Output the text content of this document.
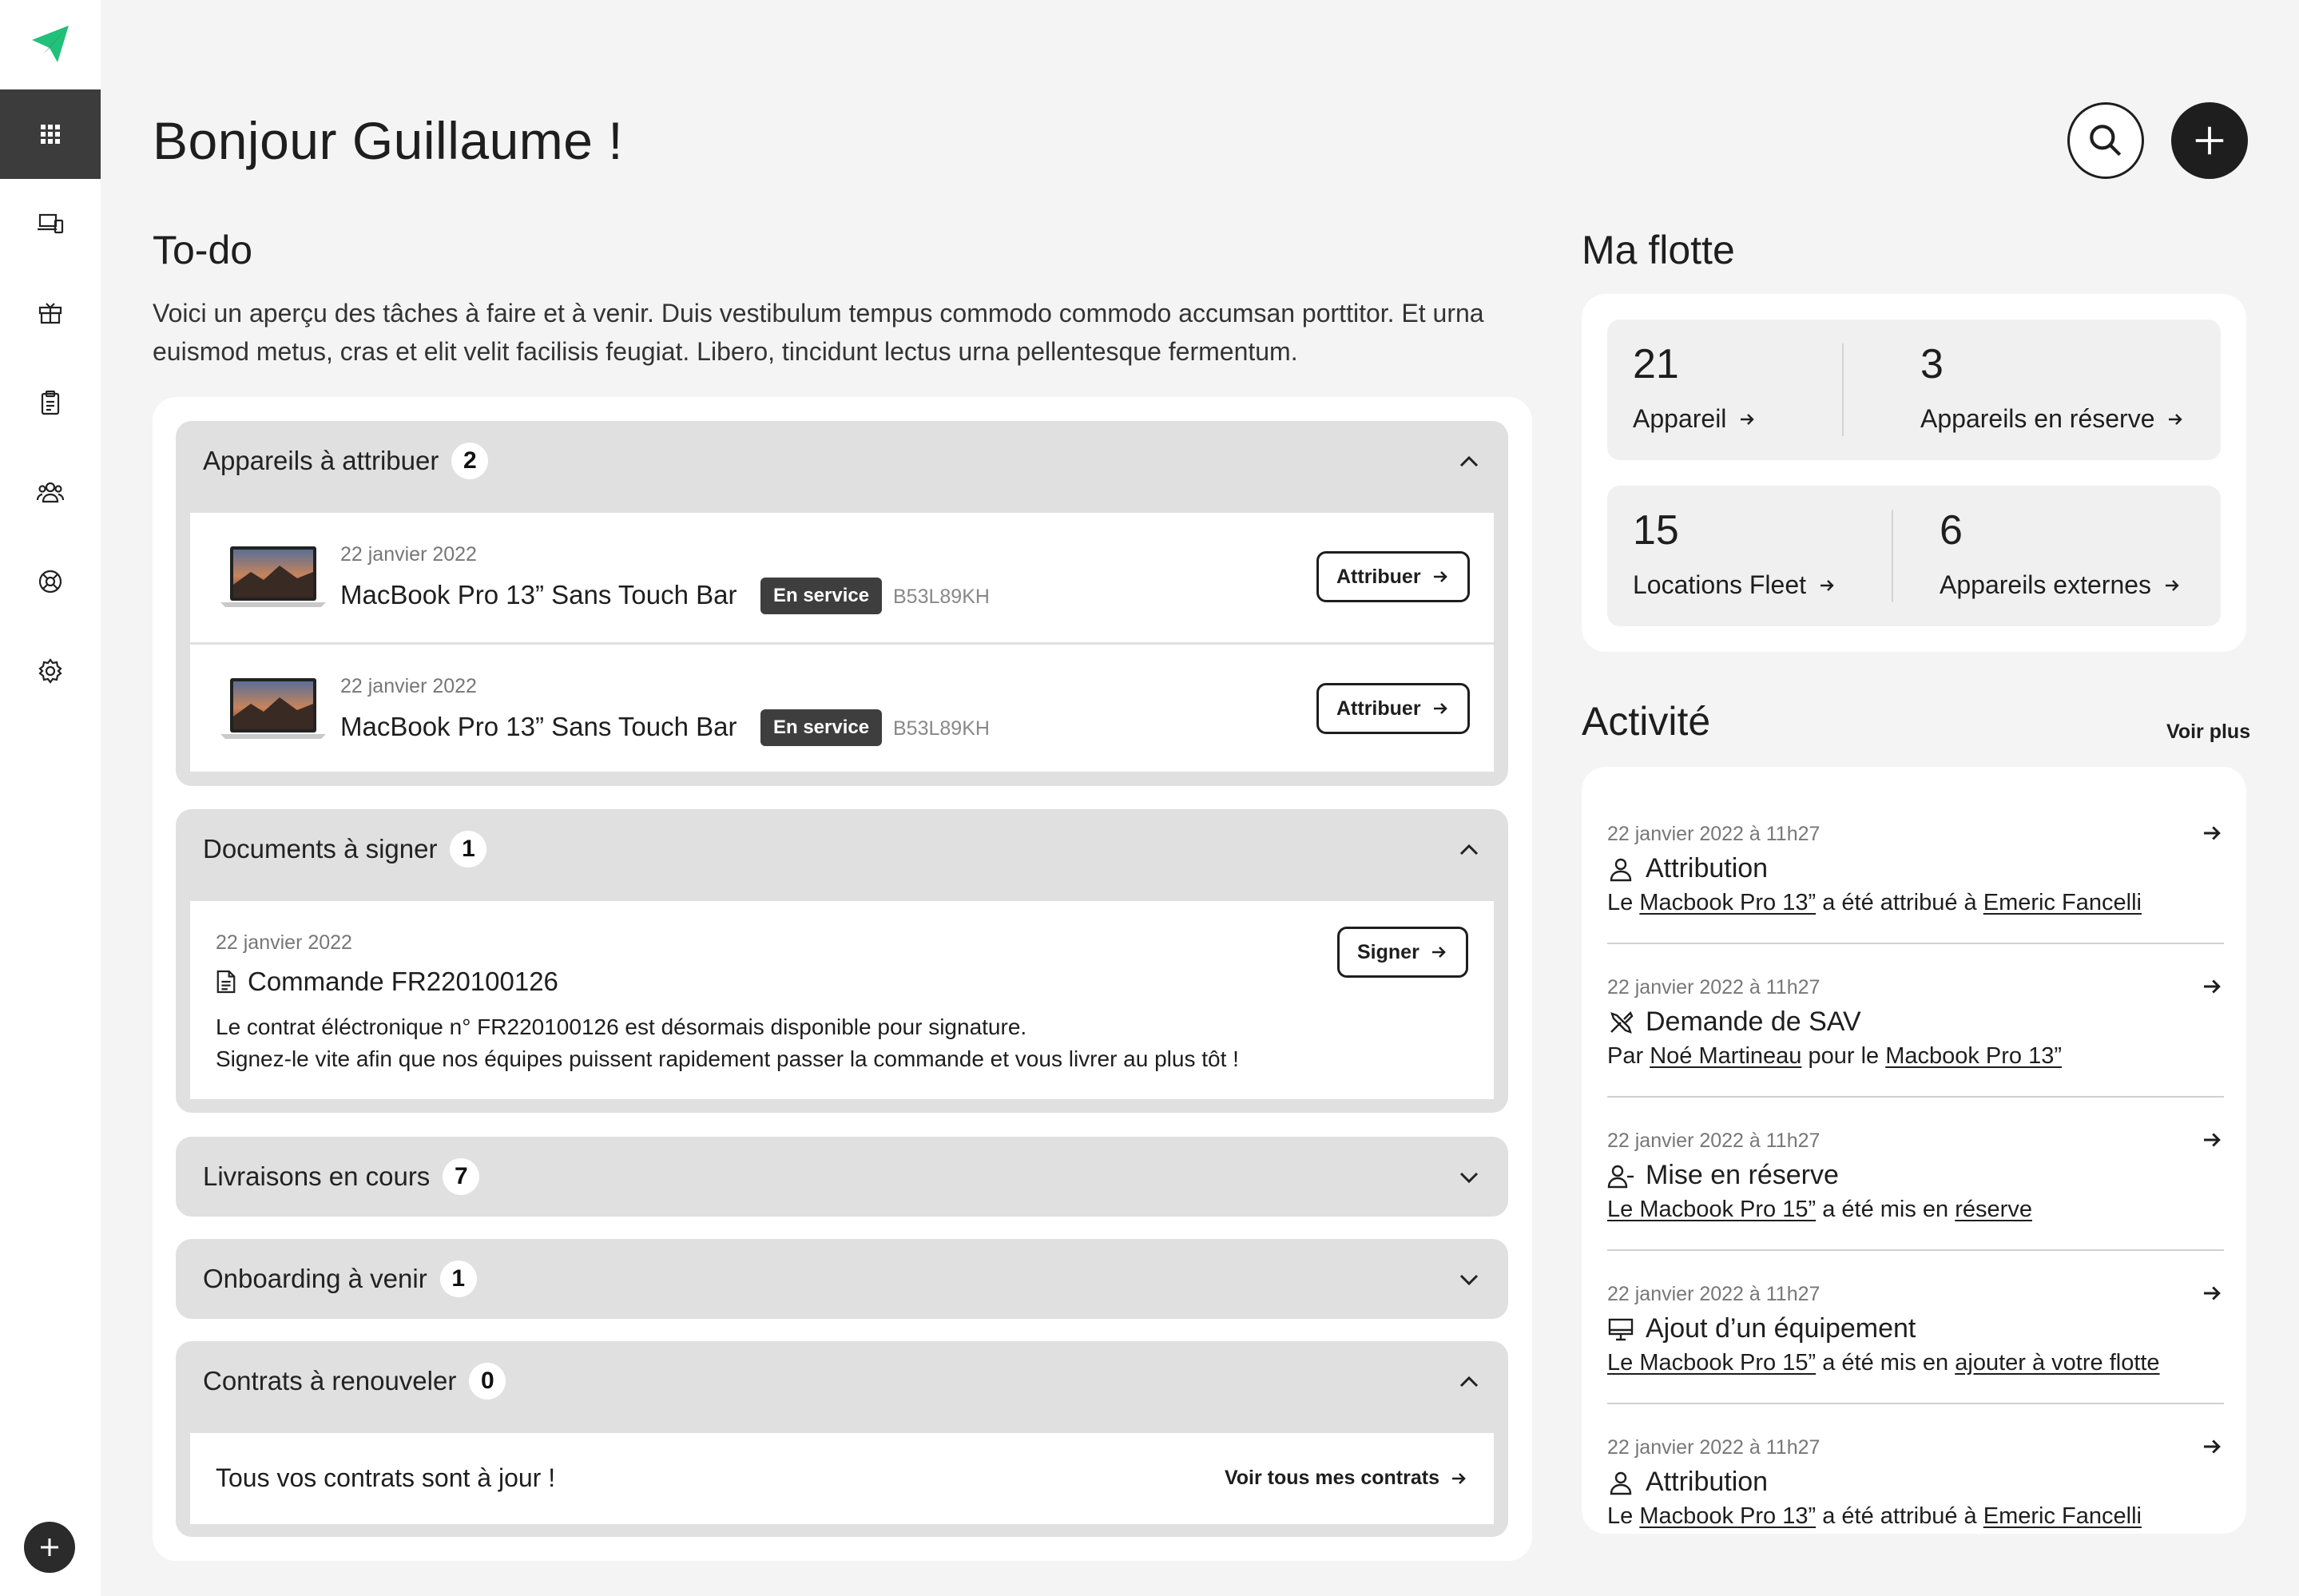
Bonjour Guillaume !
To-do
Voici un aperçu des tâches à faire et à venir. Duis vestibulum tempus commodo commodo accumsan porttitor. Et urna euismod metus, cras et elit velit facilisis feugiat. Libero, tincidunt lectus urna pellentesque fermentum.
Appareils à attribuer	2
22 janvier 2022
MacBook Pro 13” Sans Touch Bar	En service	B53L89KH
Attribuer
22 janvier 2022
MacBook Pro 13” Sans Touch Bar	En service	B53L89KH
Attribuer
Documents à signer	1
22 janvier 2022
Commande FR220100126
Le contrat éléctronique n° FR220100126 est désormais disponible pour signature.
Signez-le vite afin que nos équipes puissent rapidement passer la commande et vous livrer au plus tôt !
Signer
Livraisons en cours	7
Onboarding à venir	1
Contrats à renouveler	0
Tous vos contrats sont à jour !	Voir tous mes contrats
Ma flotte
21
Appareil
3
Appareils en réserve
15
Locations Fleet
6
Appareils externes
Activité	Voir plus
22 janvier 2022 à 11h27
Attribution
Le Macbook Pro 13” a été attribué à Emeric Fancelli
22 janvier 2022 à 11h27
Demande de SAV
Par Noé Martineau pour le Macbook Pro 13”
22 janvier 2022 à 11h27
Mise en réserve
Le Macbook Pro 15” a été mis en réserve
22 janvier 2022 à 11h27
Ajout d’un équipement
Le Macbook Pro 15” a été mis en ajouter à votre flotte
22 janvier 2022 à 11h27
Attribution
Le Macbook Pro 13” a été attribué à Emeric Fancelli
